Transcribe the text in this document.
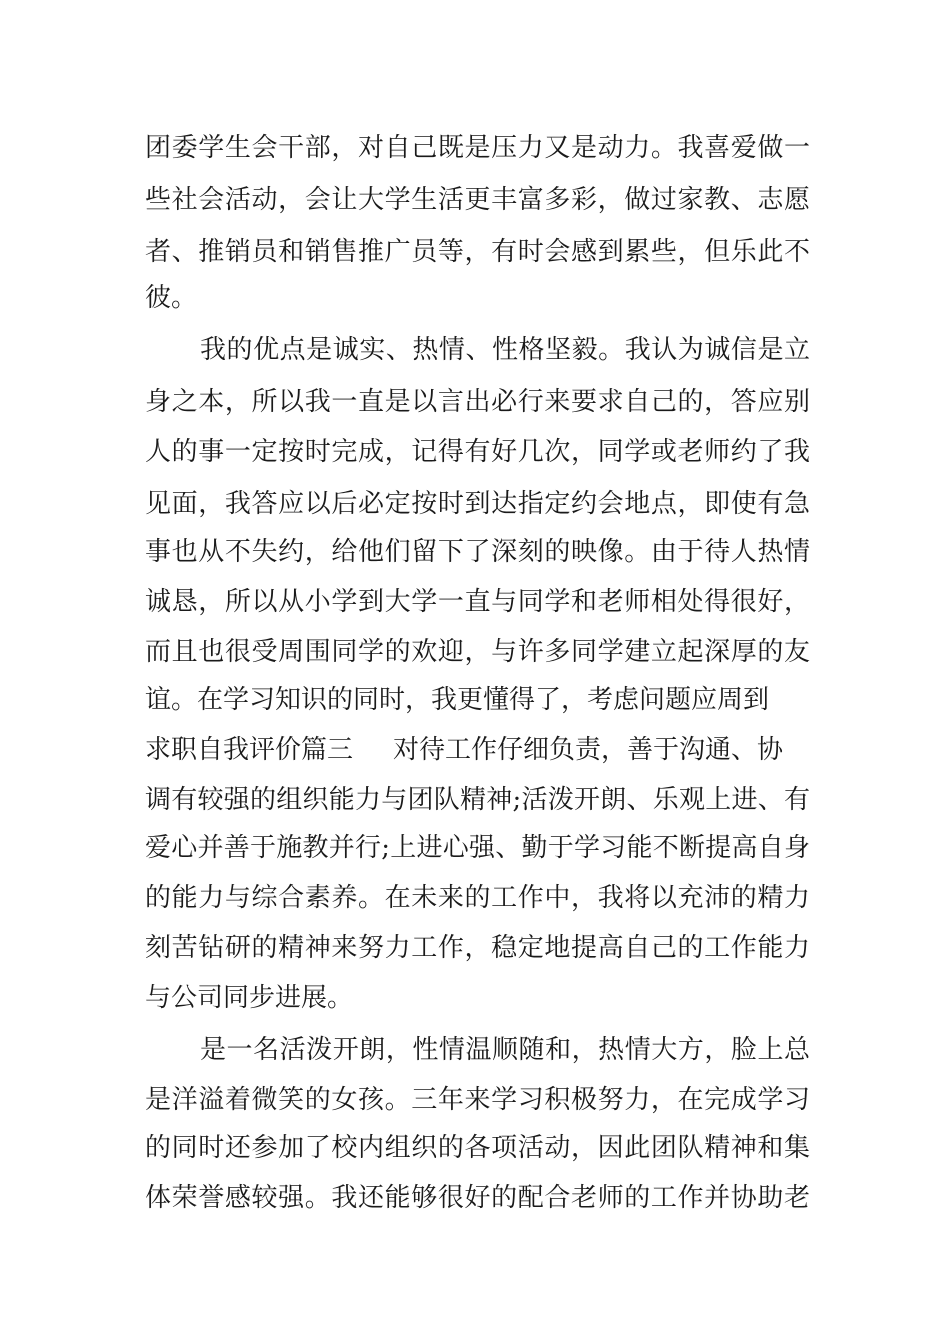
团委学生会干部，对自己既是压力又是动力。我喜爱做一
些社会活动，会让大学生活更丰富多彩，做过家教、志愿
者、推销员和销售推广员等，有时会感到累些，但乐此不
彼。
我的优点是诚实、热情、性格坚毅。我认为诚信是立
身之本，所以我一直是以言出必行来要求自己的，答应别
人的事一定按时完成，记得有好几次，同学或老师约了我
见面，我答应以后必定按时到达指定约会地点，即使有急
事也从不失约，给他们留下了深刻的映像。由于待人热情
诚恳，所以从小学到大学一直与同学和老师相处得很好，
而且也很受周围同学的欢迎，与许多同学建立起深厚的友
谊。在学习知识的同时，我更懂得了，考虑问题应周到
求职自我评价篇三 对待工作仔细负责，善于沟通、协
调有较强的组织能力与团队精神;活泼开朗、乐观上进、有
爱心并善于施教并行;上进心强、勤于学习能不断提高自身
的能力与综合素养。在未来的工作中，我将以充沛的精力
刻苦钻研的精神来努力工作，稳定地提高自己的工作能力
与公司同步进展。
是一名活泼开朗，性情温顺随和，热情大方，脸上总
是洋溢着微笑的女孩。三年来学习积极努力，在完成学习
的同时还参加了校内组织的各项活动，因此团队精神和集
体荣誉感较强。我还能够很好的配合老师的工作并协助老
